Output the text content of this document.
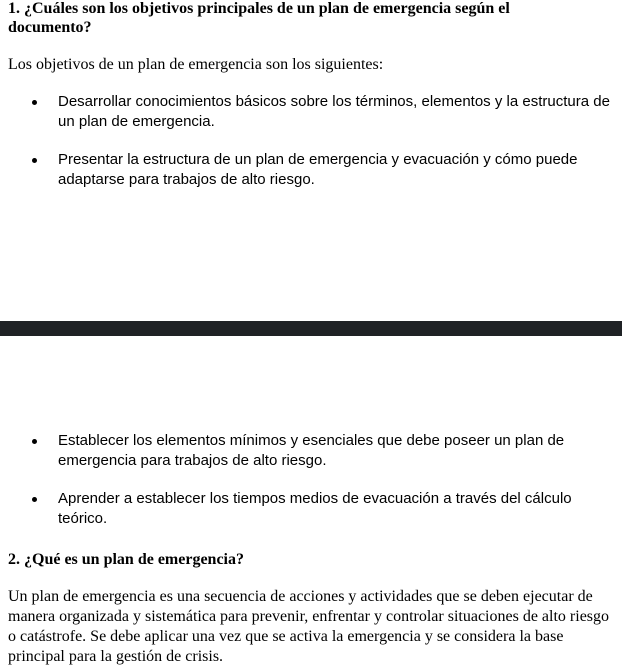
1. ¿Cuáles son los objetivos principales de un plan de emergencia según el documento?
Los objetivos de un plan de emergencia son los siguientes:
Desarrollar conocimientos básicos sobre los términos, elementos y la estructura de un plan de emergencia.
Presentar la estructura de un plan de emergencia y evacuación y cómo puede adaptarse para trabajos de alto riesgo.
Establecer los elementos mínimos y esenciales que debe poseer un plan de emergencia para trabajos de alto riesgo.
Aprender a establecer los tiempos medios de evacuación a través del cálculo teórico.
2. ¿Qué es un plan de emergencia?
Un plan de emergencia es una secuencia de acciones y actividades que se deben ejecutar de manera organizada y sistemática para prevenir, enfrentar y controlar situaciones de alto riesgo o catástrofe. Se debe aplicar una vez que se activa la emergencia y se considera la base principal para la gestión de crisis.
